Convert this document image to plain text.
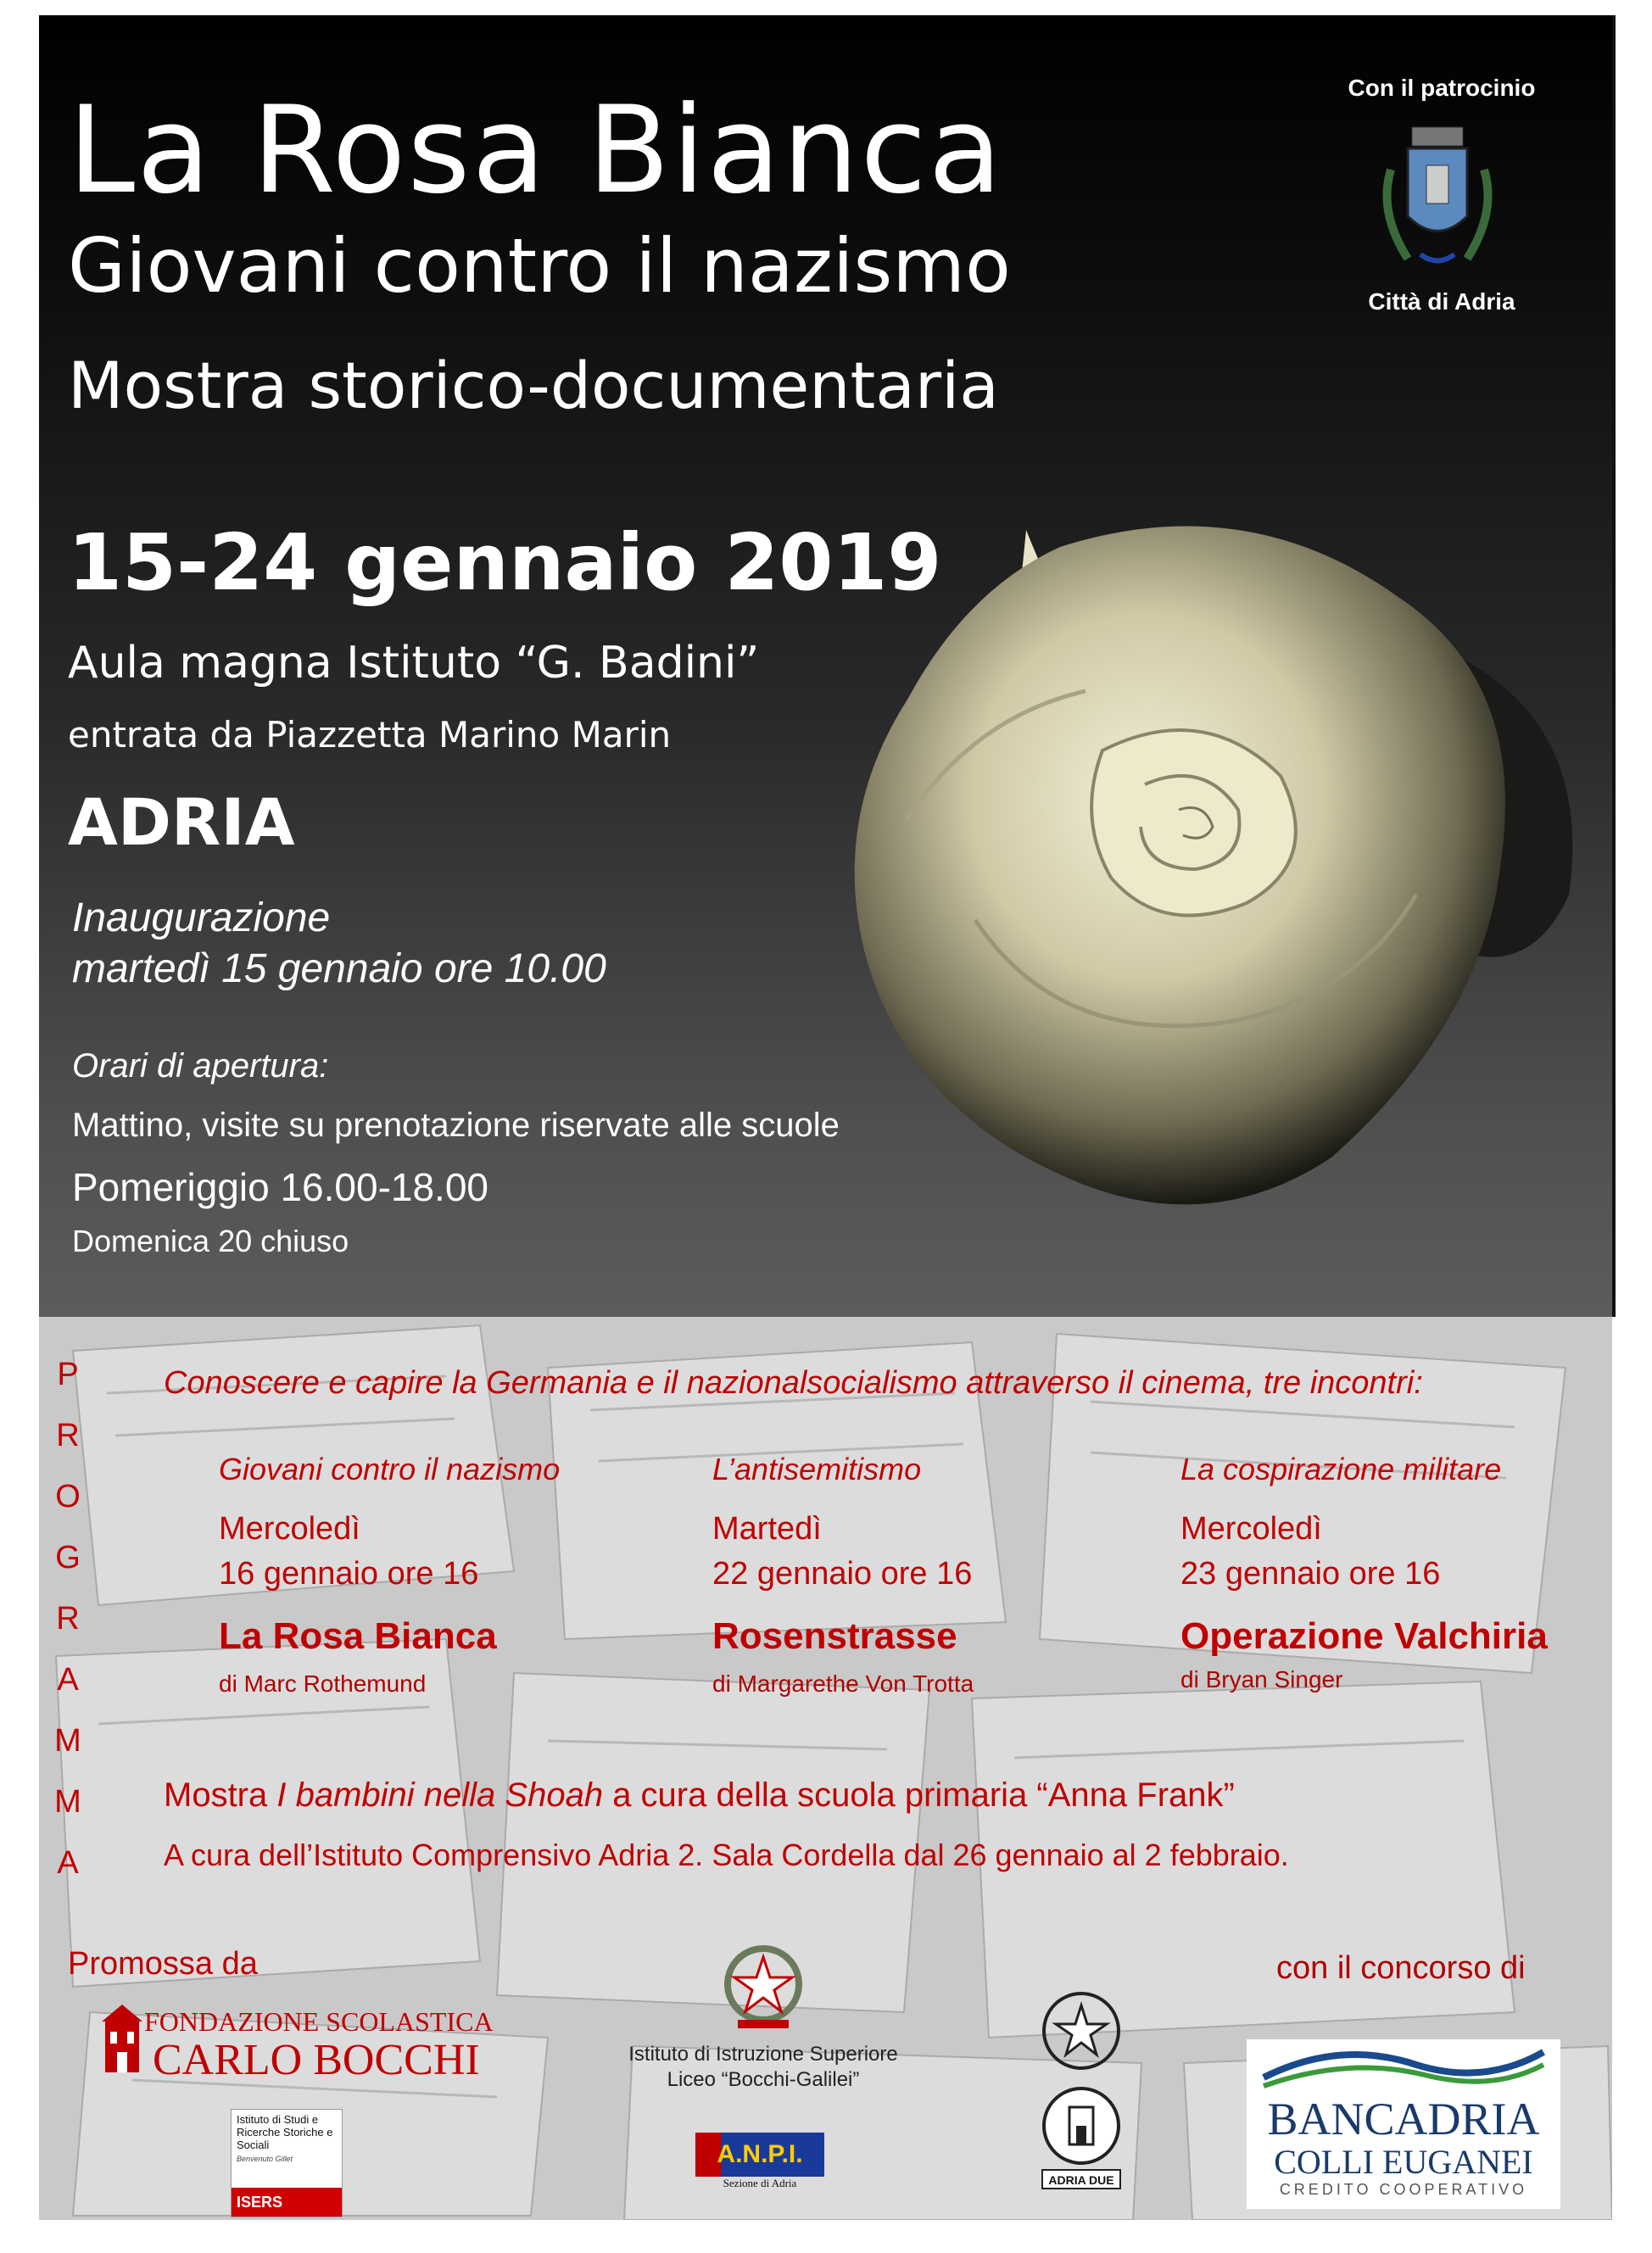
La Rosa Bianca
Giovani contro il nazismo
Mostra storico-documentaria
15-24 gennaio 2019
Aula magna Istituto “G. Badini”
entrata da Piazzetta Marino Marin
ADRIA
Inaugurazione
martedì 15 gennaio ore 10.00
Orari di apertura:
Mattino, visite su prenotazione riservate alle scuole
Pomeriggio 16.00-18.00
Domenica 20 chiuso
Con il patrocinio
Città di Adria
P
R
O
G
R
A
M
M
A
Conoscere e capire la Germania e il nazionalsocialismo attraverso il cinema, tre incontri:
Giovani contro il nazismo
Mercoledì
16 gennaio ore 16
La Rosa Bianca
di Marc Rothemund
L’antisemitismo
Martedì
22 gennaio ore 16
Rosenstrasse
di Margarethe Von Trotta
La cospirazione militare
Mercoledì
23 gennaio ore 16
Operazione Valchiria
di Bryan Singer
Mostra I bambini nella Shoah a cura della scuola primaria “Anna Frank”
A cura dell’Istituto Comprensivo Adria 2. Sala Cordella dal 26 gennaio al 2 febbraio.
Promossa da
FONDAZIONE SCOLASTICA
CARLO BOCCHI
Istituto di Studi e Ricerche Storiche e Sociali
Benvenuto Gillet
ISERS
Istituto di Istruzione Superiore
Liceo “Bocchi-Galilei”
A.N.P.I.
Sezione di Adria	ADRIA DUE
con il concorso di
BANCADRIA
COLLI EUGANEI
CREDITO COOPERATIVO
